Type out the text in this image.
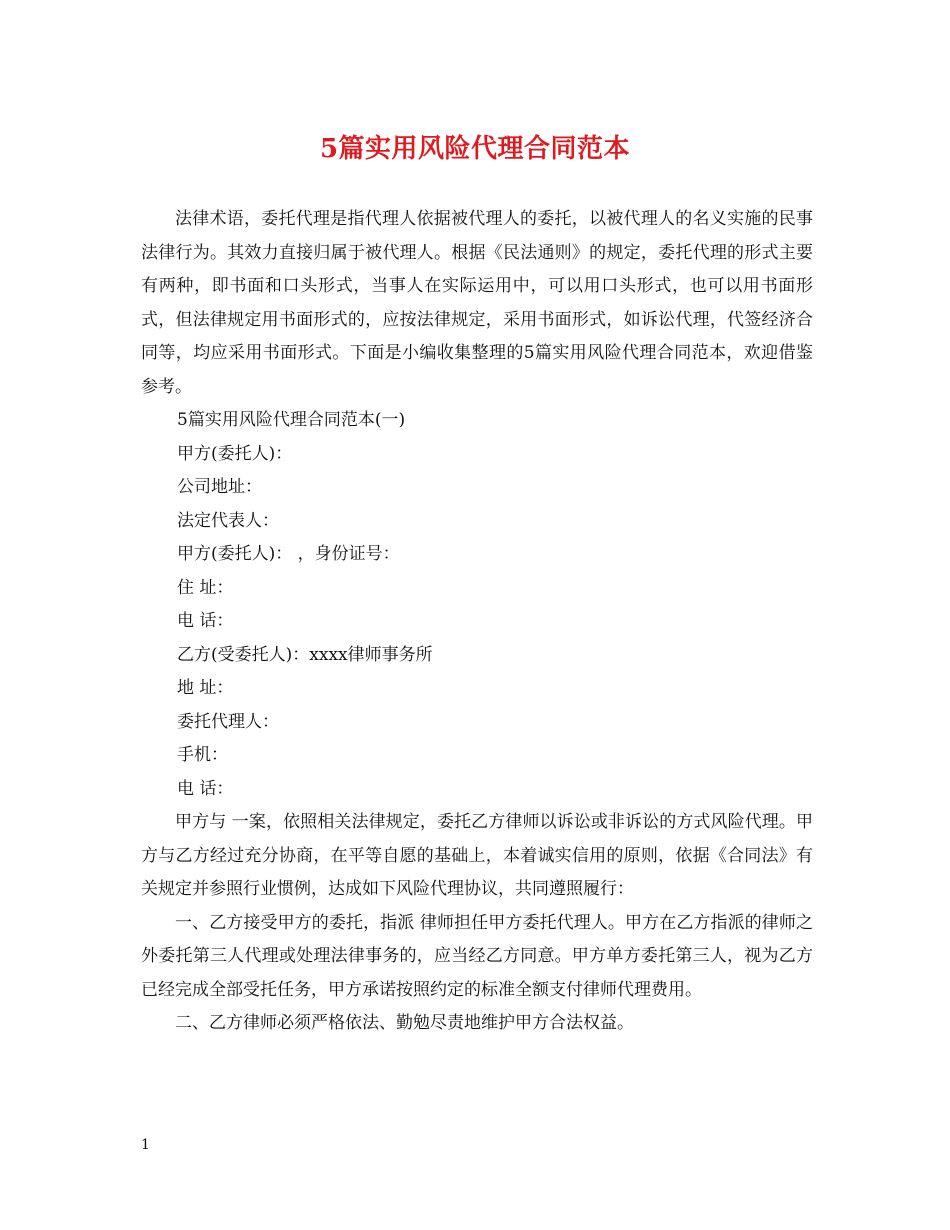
5篇实用风险代理合同范本

法律术语，委托代理是指代理人依据被代理人的委托，以被代理人的名义实施的民事法律行为。其效力直接归属于被代理人。根据《民法通则》的规定，委托代理的形式主要有两种，即书面和口头形式，当事人在实际运用中，可以用口头形式，也可以用书面形式，但法律规定用书面形式的，应按法律规定，采用书面形式，如诉讼代理，代签经济合同等，均应采用书面形式。下面是小编收集整理的5篇实用风险代理合同范本，欢迎借鉴参考。

5篇实用风险代理合同范本(一)

甲方(委托人)：

公司地址：

法定代表人：

甲方(委托人)： ，身份证号：

住 址：

电 话：

乙方(受委托人)：xxxx律师事务所

地 址：

委托代理人：

手机：

电 话：

甲方与 一案，依照相关法律规定，委托乙方律师以诉讼或非诉讼的方式风险代理。甲方与乙方经过充分协商，在平等自愿的基础上，本着诚实信用的原则，依据《合同法》有关规定并参照行业惯例，达成如下风险代理协议，共同遵照履行：

一、乙方接受甲方的委托，指派 律师担任甲方委托代理人。甲方在乙方指派的律师之外委托第三人代理或处理法律事务的，应当经乙方同意。甲方单方委托第三人，视为乙方已经完成全部受托任务，甲方承诺按照约定的标准全额支付律师代理费用。

二、乙方律师必须严格依法、勤勉尽责地维护甲方合法权益。

1
